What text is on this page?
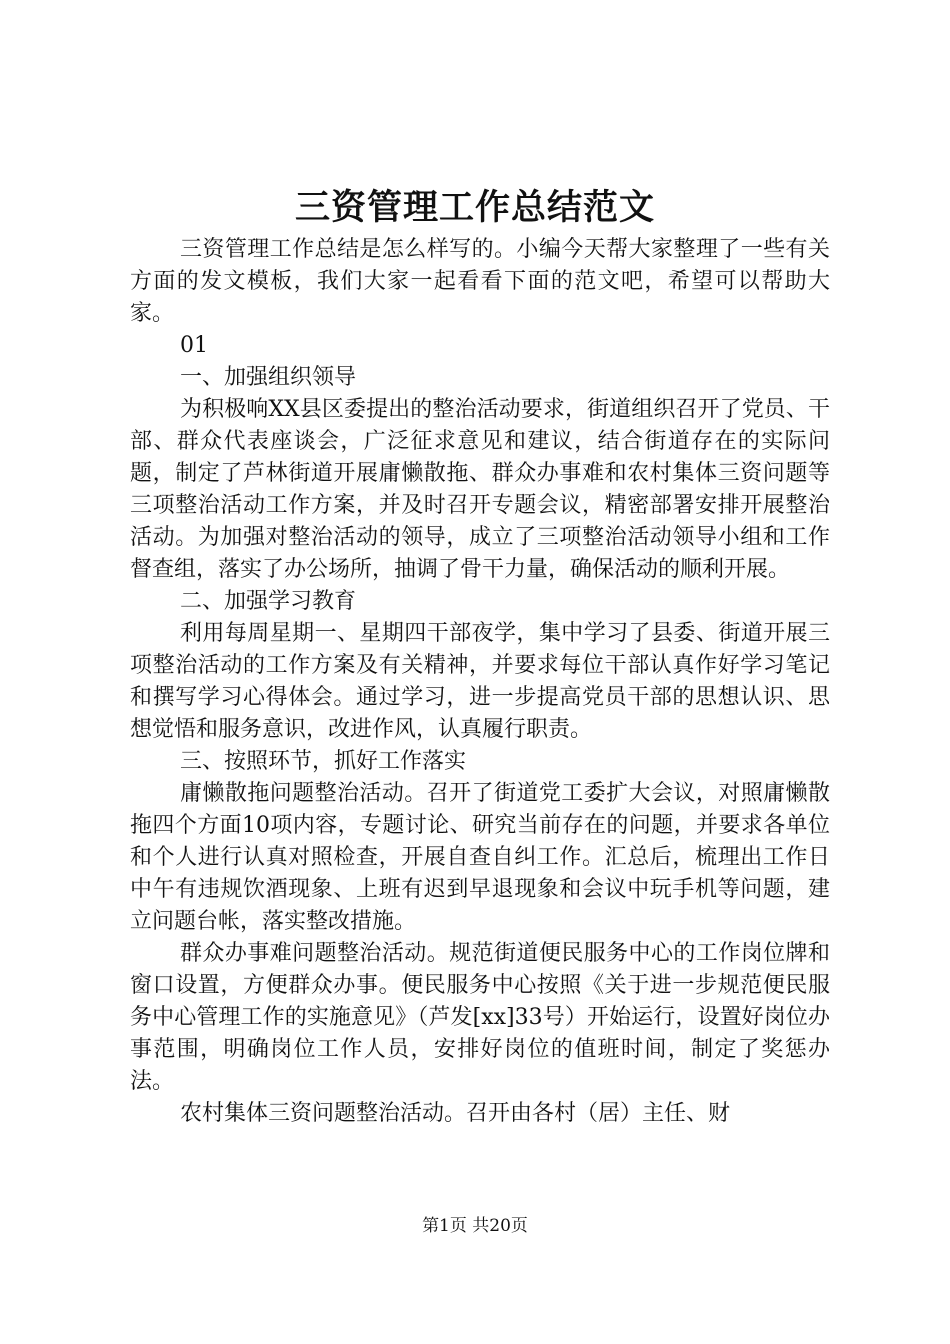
三资管理工作总结范文

三资管理工作总结是怎么样写的。小编今天帮大家整理了一些有关方面的发文模板，我们大家一起看看下面的范文吧，希望可以帮助大家。

01

一、加强组织领导

为积极响XX县区委提出的整治活动要求，街道组织召开了党员、干部、群众代表座谈会，广泛征求意见和建议，结合街道存在的实际问题，制定了芦林街道开展庸懒散拖、群众办事难和农村集体三资问题等三项整治活动工作方案，并及时召开专题会议，精密部署安排开展整治活动。为加强对整治活动的领导，成立了三项整治活动领导小组和工作督查组，落实了办公场所，抽调了骨干力量，确保活动的顺利开展。

二、加强学习教育

利用每周星期一、星期四干部夜学，集中学习了县委、街道开展三项整治活动的工作方案及有关精神，并要求每位干部认真作好学习笔记和撰写学习心得体会。通过学习，进一步提高党员干部的思想认识、思想觉悟和服务意识，改进作风，认真履行职责。

三、按照环节，抓好工作落实

庸懒散拖问题整治活动。召开了街道党工委扩大会议，对照庸懒散拖四个方面10项内容，专题讨论、研究当前存在的问题，并要求各单位和个人进行认真对照检查，开展自查自纠工作。汇总后，梳理出工作日中午有违规饮酒现象、上班有迟到早退现象和会议中玩手机等问题，建立问题台帐，落实整改措施。

群众办事难问题整治活动。规范街道便民服务中心的工作岗位牌和窗口设置，方便群众办事。便民服务中心按照《关于进一步规范便民服务中心管理工作的实施意见》（芦发[xx]33号）开始运行，设置好岗位办事范围，明确岗位工作人员，安排好岗位的值班时间，制定了奖惩办法。

农村集体三资问题整治活动。召开由各村（居）主任、财

第1页 共20页
